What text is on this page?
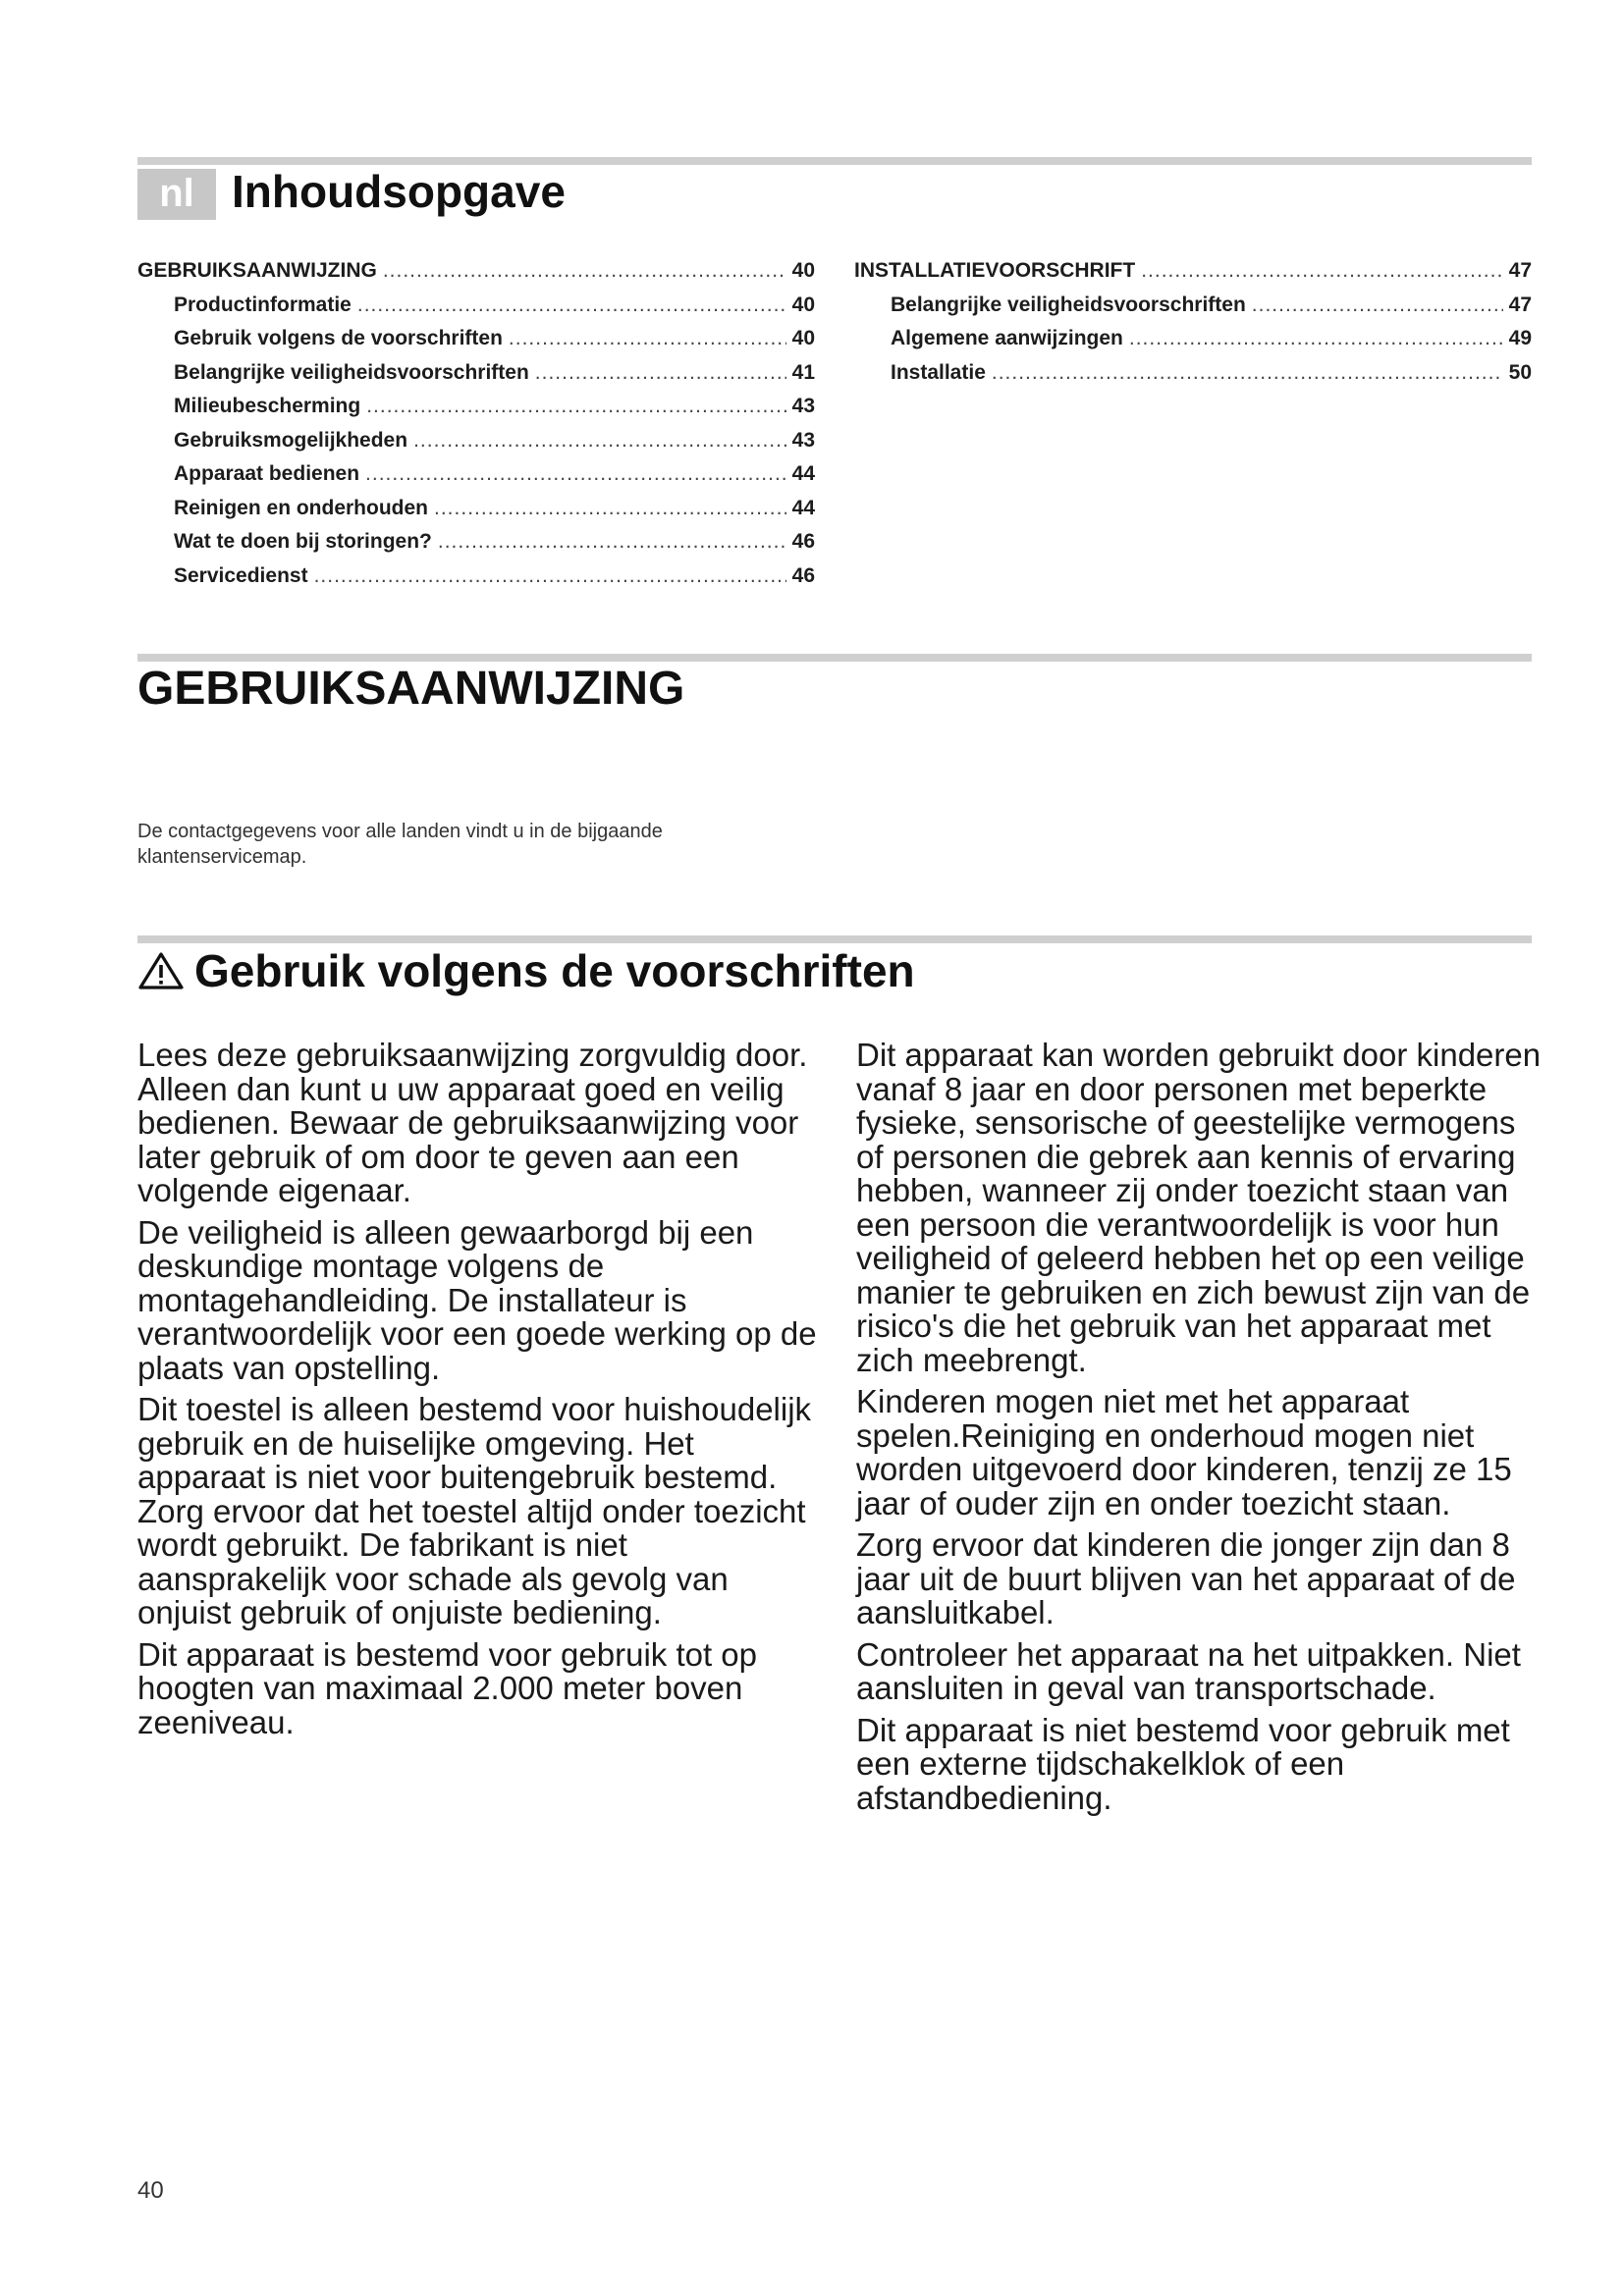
nl Inhoudsopgave
GEBRUIKSAANWIJZING .....	40
Productinformatie .....	40
Gebruik volgens de voorschriften .....	40
Belangrijke veiligheidsvoorschriften .....	41
Milieubescherming .....	43
Gebruiksmogelijkheden .....	43
Apparaat bedienen .....	44
Reinigen en onderhouden .....	44
Wat te doen bij storingen? .....	46
Servicedienst .....	46
INSTALLATIEVOORSCHRIFT .....	47
Belangrijke veiligheidsvoorschriften .....	47
Algemene aanwijzingen .....	49
Installatie .....	50
GEBRUIKSAANWIJZING
De contactgegevens voor alle landen vindt u in de bijgaande klantenservicemap.
Gebruik volgens de voorschriften

Lees deze gebruiksaanwijzing zorgvuldig door. Alleen dan kunt u uw apparaat goed en veilig bedienen. Bewaar de gebruiksaanwijzing voor later gebruik of om door te geven aan een volgende eigenaar.

De veiligheid is alleen gewaarborgd bij een deskundige montage volgens de montagehandleiding. De installateur is verantwoordelijk voor een goede werking op de plaats van opstelling.

Dit toestel is alleen bestemd voor huishoudelijk gebruik en de huiselijke omgeving. Het apparaat is niet voor buitengebruik bestemd. Zorg ervoor dat het toestel altijd onder toezicht wordt gebruikt. De fabrikant is niet aansprakelijk voor schade als gevolg van onjuist gebruik of onjuiste bediening.

Dit apparaat is bestemd voor gebruik tot op hoogten van maximaal 2.000 meter boven zeeniveau.

Dit apparaat kan worden gebruikt door kinderen vanaf 8 jaar en door personen met beperkte fysieke, sensorische of geestelijke vermogens of personen die gebrek aan kennis of ervaring hebben, wanneer zij onder toezicht staan van een persoon die verantwoordelijk is voor hun veiligheid of geleerd hebben het op een veilige manier te gebruiken en zich bewust zijn van de risico's die het gebruik van het apparaat met zich meebrengt.

Kinderen mogen niet met het apparaat spelen.Reiniging en onderhoud mogen niet worden uitgevoerd door kinderen, tenzij ze 15 jaar of ouder zijn en onder toezicht staan.

Zorg ervoor dat kinderen die jonger zijn dan 8 jaar uit de buurt blijven van het apparaat of de aansluitkabel.

Controleer het apparaat na het uitpakken. Niet aansluiten in geval van transportschade.

Dit apparaat is niet bestemd voor gebruik met een externe tijdschakelklok of een afstandbediening.

40
